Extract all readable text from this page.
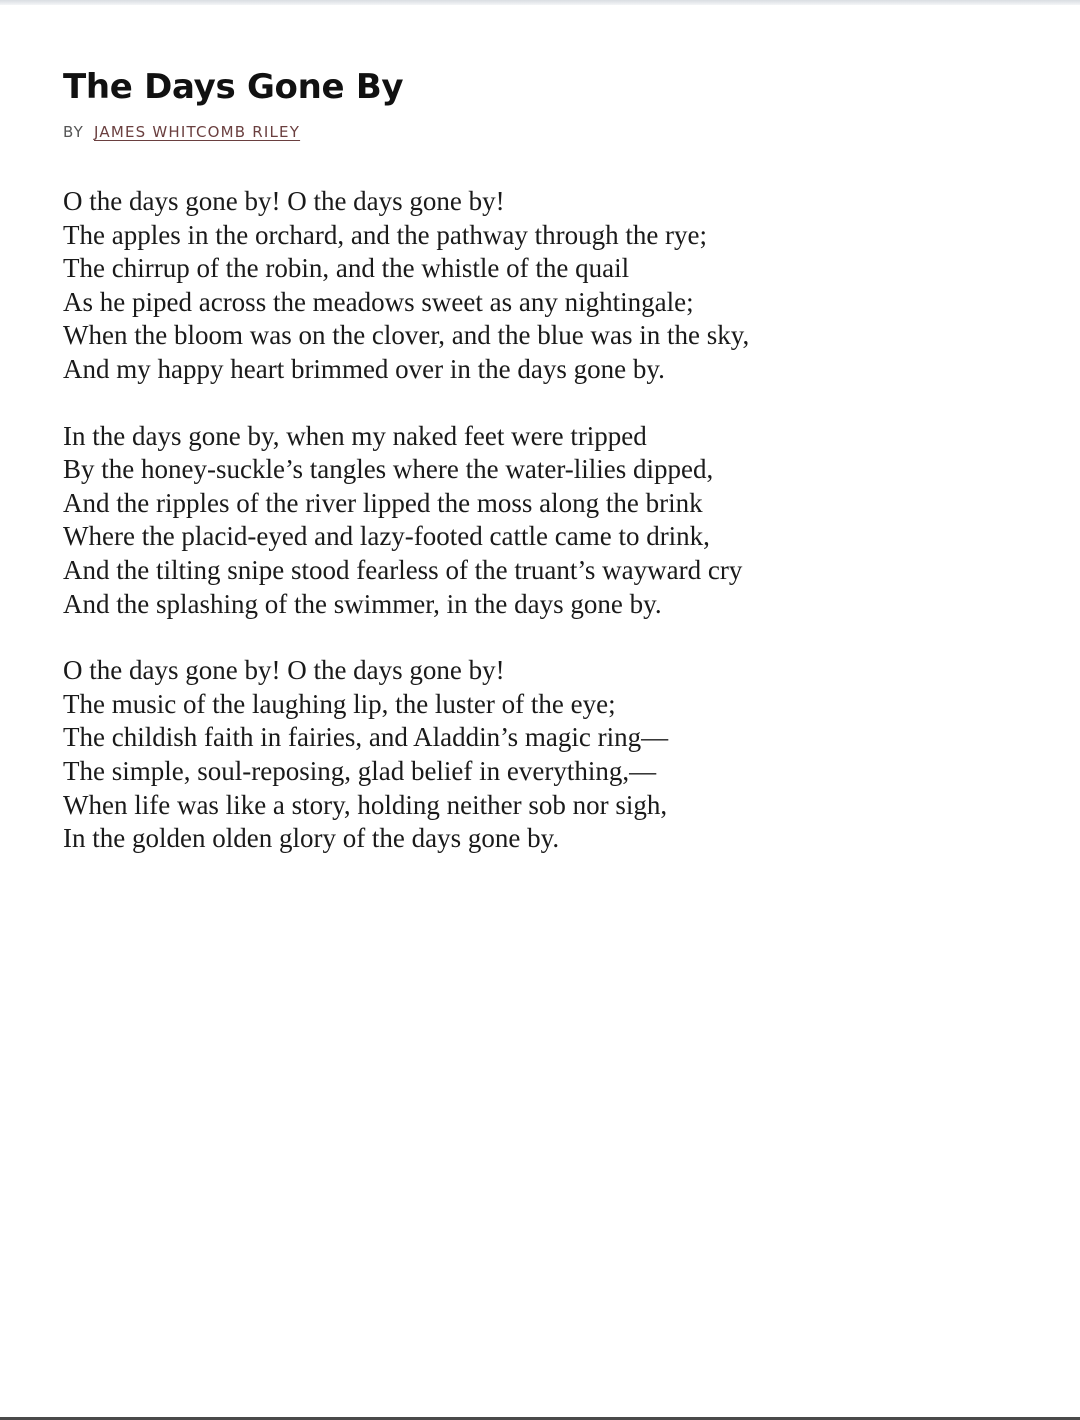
The Days Gone By
BY JAMES WHITCOMB RILEY
O the days gone by! O the days gone by!
The apples in the orchard, and the pathway through the rye;
The chirrup of the robin, and the whistle of the quail
As he piped across the meadows sweet as any nightingale;
When the bloom was on the clover, and the blue was in the sky,
And my happy heart brimmed over in the days gone by.
In the days gone by, when my naked feet were tripped
By the honey-suckle’s tangles where the water-lilies dipped,
And the ripples of the river lipped the moss along the brink
Where the placid-eyed and lazy-footed cattle came to drink,
And the tilting snipe stood fearless of the truant’s wayward cry
And the splashing of the swimmer, in the days gone by.
O the days gone by! O the days gone by!
The music of the laughing lip, the luster of the eye;
The childish faith in fairies, and Aladdin’s magic ring—
The simple, soul-reposing, glad belief in everything,—
When life was like a story, holding neither sob nor sigh,
In the golden olden glory of the days gone by.
